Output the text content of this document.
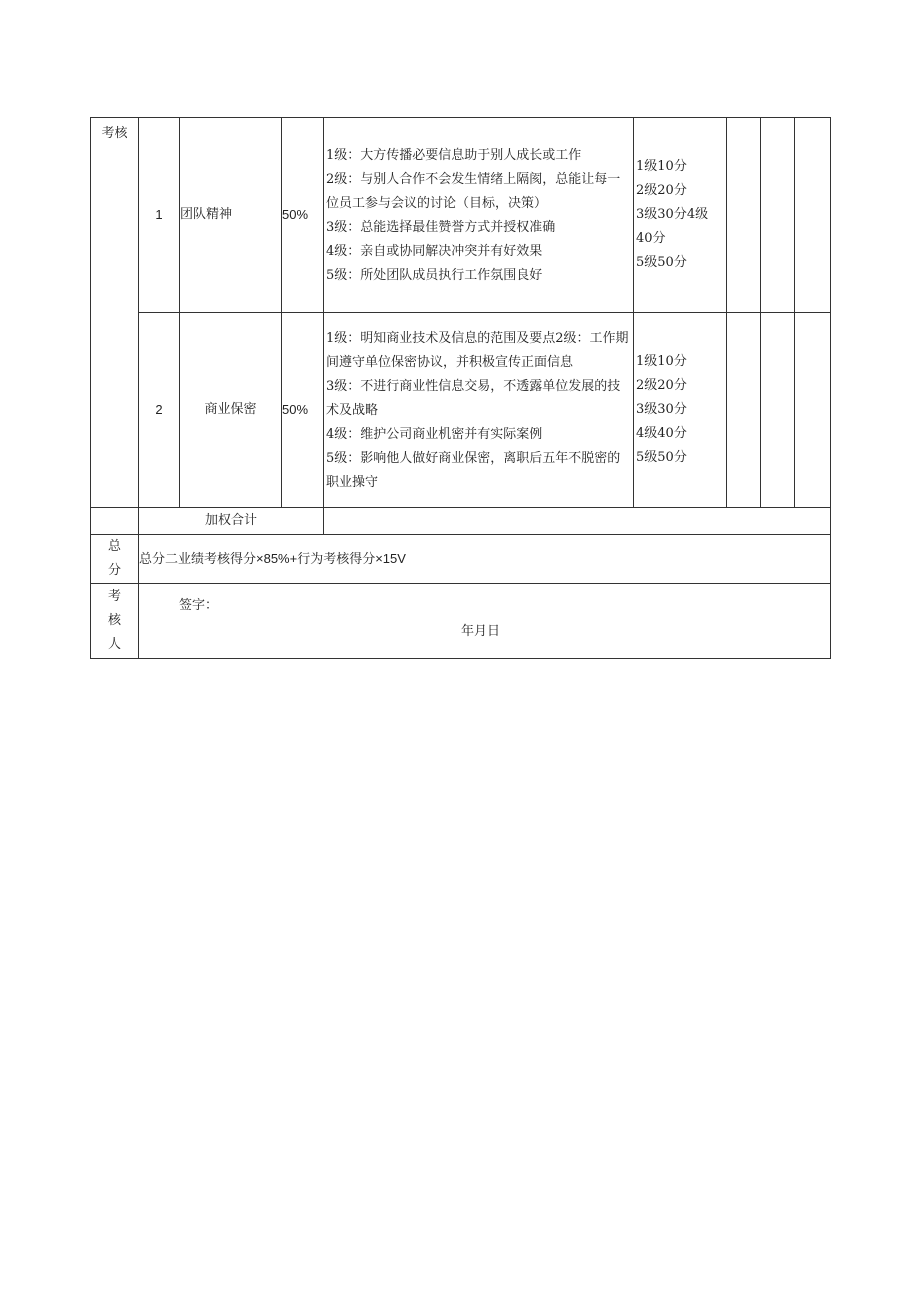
考核	1	团队精神	50%	1级：大方传播必要信息助于别人成长或工作
2级：与别人合作不会发生情绪上隔阂，总能让每一位员工参与会议的讨论（目标，决策）
3级：总能选择最佳赞誉方式并授权准确
4级：亲自或协同解决冲突并有好效果
5级：所处团队成员执行工作氛围良好	1级10分
2级20分
3级30分4级40分
5级50分			
	2	商业保密	50%	1级：明知商业技术及信息的范围及要点2级：工作期间遵守单位保密协议，并积极宣传正面信息
3级：不进行商业性信息交易，不透露单位发展的技术及战略
4级：维护公司商业机密并有实际案例
5级：影响他人做好商业保密，离职后五年不脱密的职业操守	1级10分
2级20分
3级30分
4级40分
5级50分			
	加权合计							

总
分	总分二业绩考核得分×85%+行为考核得分×15V							

考
核
人	签字：
年月日							
